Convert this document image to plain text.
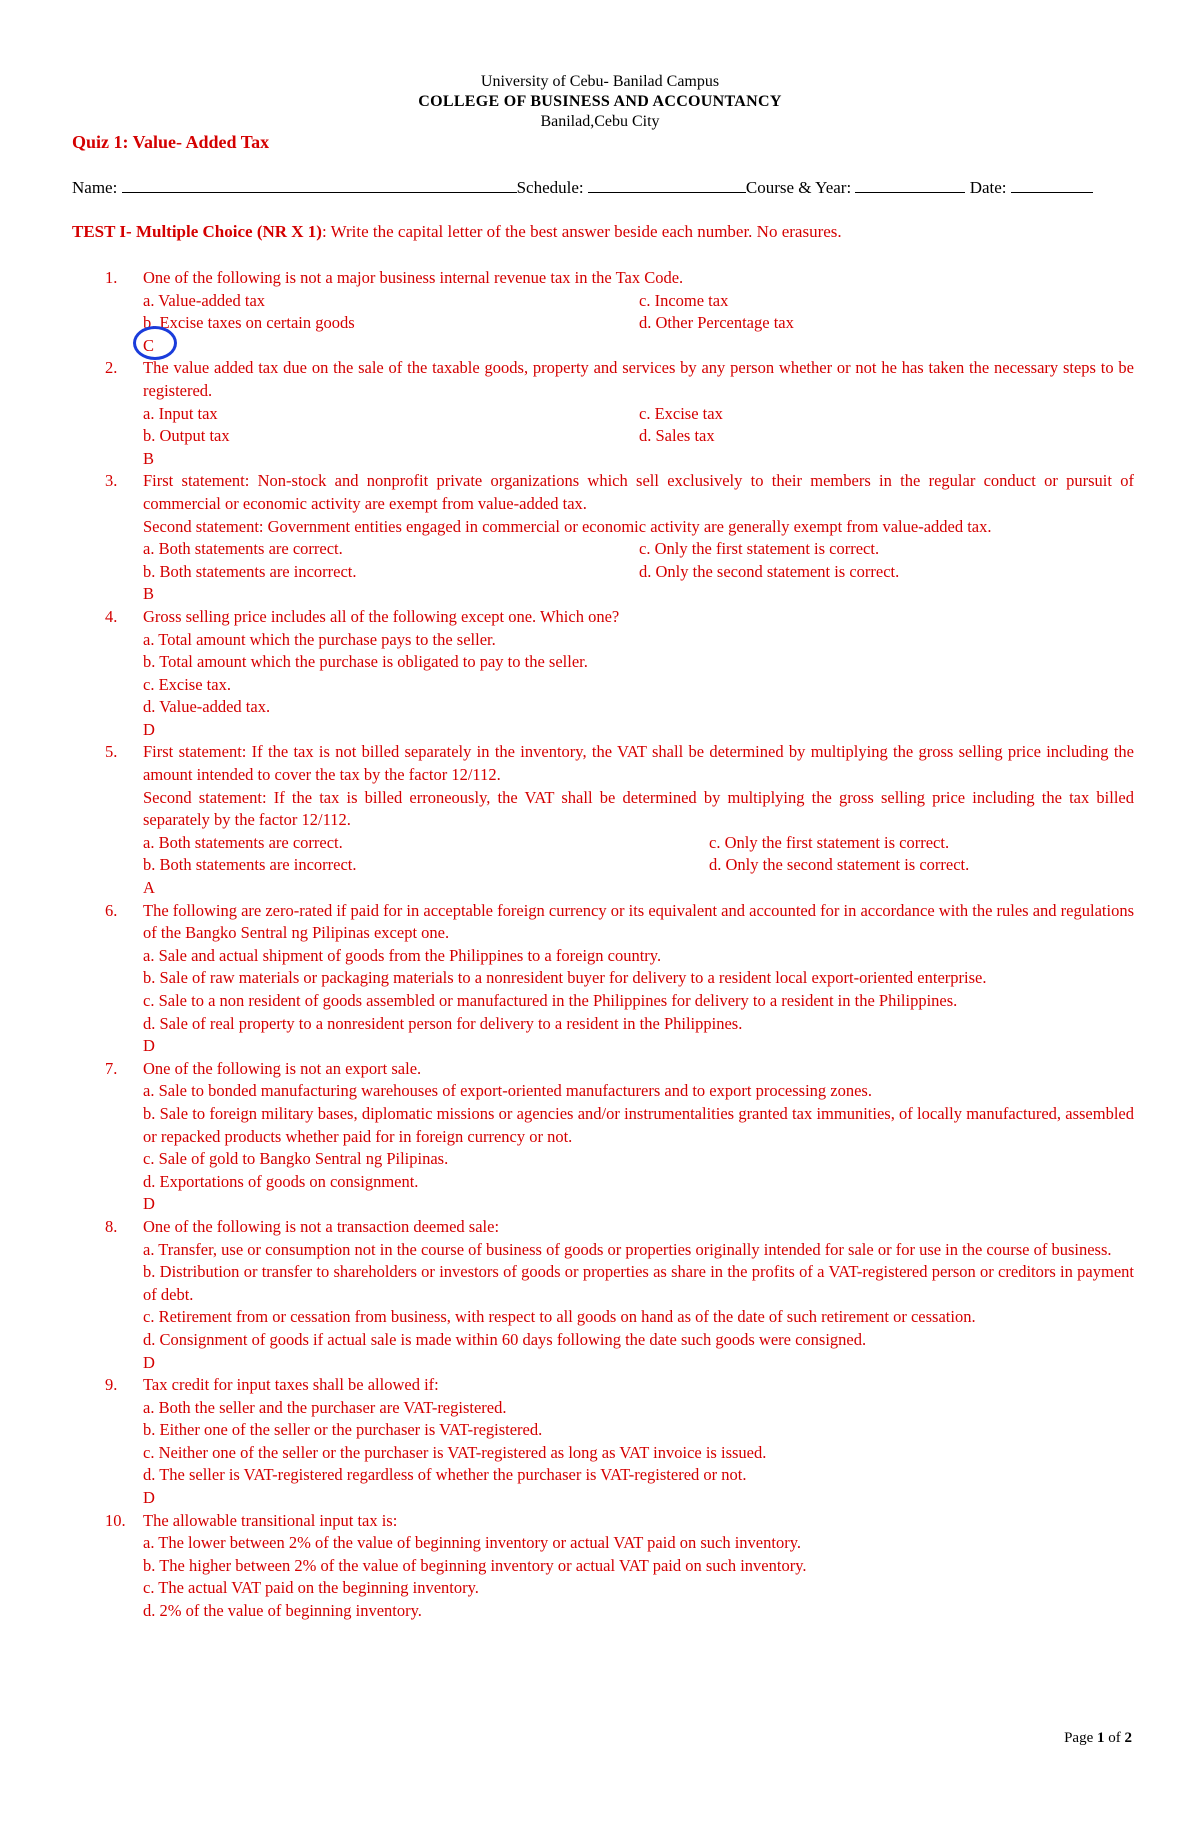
University of Cebu- Banilad Campus
COLLEGE OF BUSINESS AND ACCOUNTANCY
Banilad,Cebu City
Quiz 1: Value- Added Tax
Name:	Schedule:	Course & Year:	Date:
TEST I- Multiple Choice (NR X 1): Write the capital letter of the best answer beside each number. No erasures.
1. One of the following is not a major business internal revenue tax in the Tax Code.
a. Value-added tax	c. Income tax
b. Excise taxes on certain goods	d. Other Percentage tax
C
2. The value added tax due on the sale of the taxable goods, property and services by any person whether or not he has taken the necessary steps to be registered.
a. Input tax	c. Excise tax
b. Output tax	d. Sales tax
B
3. First statement: Non-stock and nonprofit private organizations which sell exclusively to their members in the regular conduct or pursuit of commercial or economic activity are exempt from value-added tax.
Second statement: Government entities engaged in commercial or economic activity are generally exempt from value-added tax.
a. Both statements are correct.	c. Only the first statement is correct.
b. Both statements are incorrect.	d. Only the second statement is correct.
B
4. Gross selling price includes all of the following except one. Which one?
a. Total amount which the purchase pays to the seller.
b. Total amount which the purchase is obligated to pay to the seller.
c. Excise tax.
d. Value-added tax.
D
5. First statement: If the tax is not billed separately in the inventory, the VAT shall be determined by multiplying the gross selling price including the amount intended to cover the tax by the factor 12/112.
Second statement: If the tax is billed erroneously, the VAT shall be determined by multiplying the gross selling price including the tax billed separately by the factor 12/112.
a. Both statements are correct.	c. Only the first statement is correct.
b. Both statements are incorrect.	d. Only the second statement is correct.
A
6. The following are zero-rated if paid for in acceptable foreign currency or its equivalent and accounted for in accordance with the rules and regulations of the Bangko Sentral ng Pilipinas except one.
a. Sale and actual shipment of goods from the Philippines to a foreign country.
b. Sale of raw materials or packaging materials to a nonresident buyer for delivery to a resident local export-oriented enterprise.
c. Sale to a non resident of goods assembled or manufactured in the Philippines for delivery to a resident in the Philippines.
d. Sale of real property to a nonresident person for delivery to a resident in the Philippines.
D
7. One of the following is not an export sale.
a. Sale to bonded manufacturing warehouses of export-oriented manufacturers and to export processing zones.
b. Sale to foreign military bases, diplomatic missions or agencies and/or instrumentalities granted tax immunities, of locally manufactured, assembled or repacked products whether paid for in foreign currency or not.
c. Sale of gold to Bangko Sentral ng Pilipinas.
d. Exportations of goods on consignment.
D
8. One of the following is not a transaction deemed sale:
a. Transfer, use or consumption not in the course of business of goods or properties originally intended for sale or for use in the course of business.
b. Distribution or transfer to shareholders or investors of goods or properties as share in the profits of a VAT-registered person or creditors in payment of debt.
c. Retirement from or cessation from business, with respect to all goods on hand as of the date of such retirement or cessation.
d. Consignment of goods if actual sale is made within 60 days following the date such goods were consigned.
D
9. Tax credit for input taxes shall be allowed if:
a. Both the seller and the purchaser are VAT-registered.
b. Either one of the seller or the purchaser is VAT-registered.
c. Neither one of the seller or the purchaser is VAT-registered as long as VAT invoice is issued.
d. The seller is VAT-registered regardless of whether the purchaser is VAT-registered or not.
D
10. The allowable transitional input tax is:
a. The lower between 2% of the value of beginning inventory or actual VAT paid on such inventory.
b. The higher between 2% of the value of beginning inventory or actual VAT paid on such inventory.
c. The actual VAT paid on the beginning inventory.
d. 2% of the value of beginning inventory.
Page 1 of 2
